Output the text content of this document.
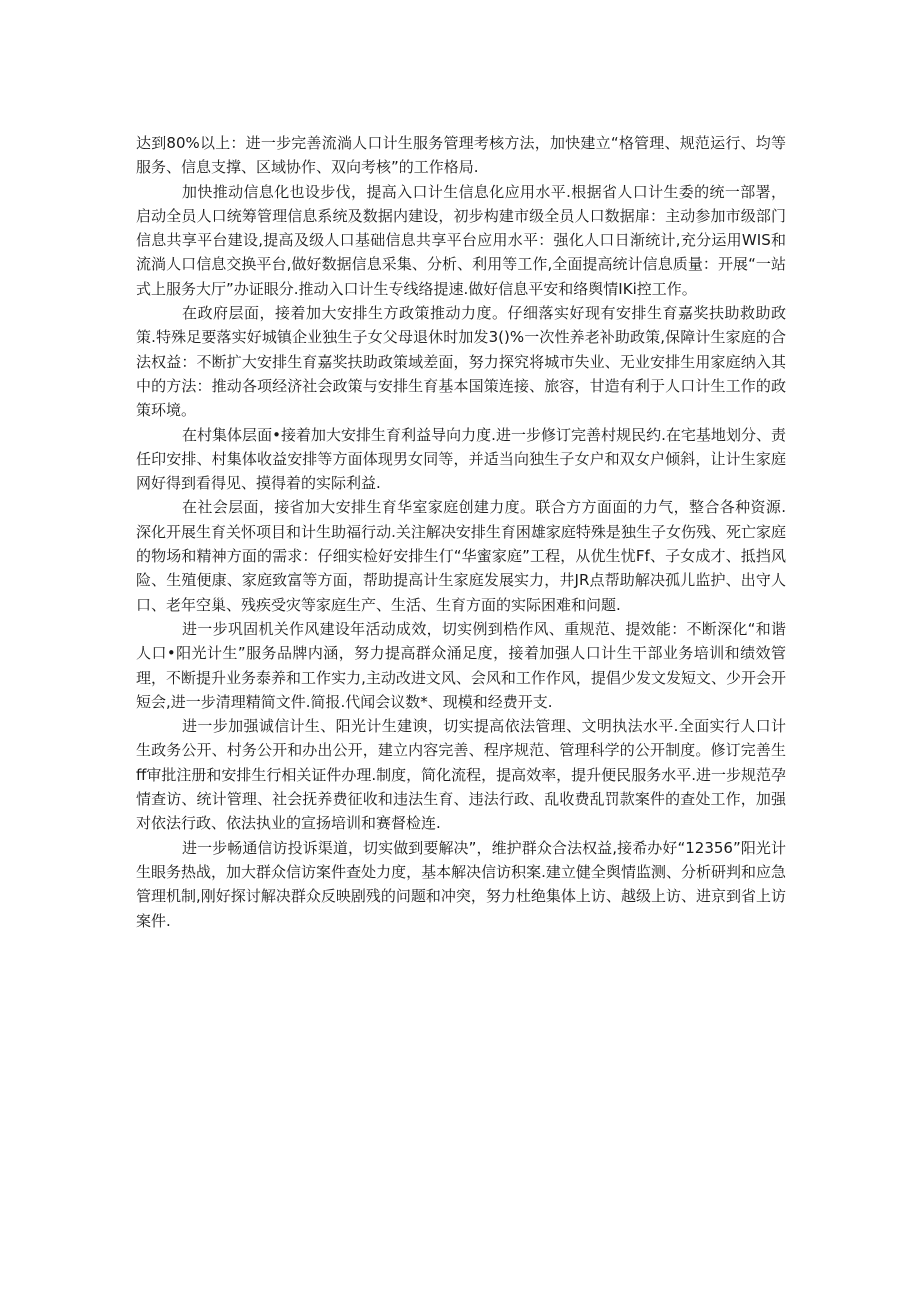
达到80%以上：进一步完善流淌人口计生服务管理考核方法，加快建立“格管理、规范运行、均等服务、信息支撑、区域协作、双向考核”的工作格局.

加快推动信息化也设步伐，提高入口计生信息化应用水平.根据省人口计生委的统一部署，启动全员人口统筹管理信息系统及数据内建设，初步构建市级全员人口数据扉：主动参加市级部门信息共享平台建设,提高及级人口基础信息共享平台应用水平：强化人口日渐统计,充分运用WIS和流淌人口信息交换平台,做好数据信息采集、分析、利用等工作,全面提高统计信息质量：开展“一站式上服务大厅”办证眼分.推动入口计生专线络提速.做好信息平安和络舆情IKi控工作。

在政府层面，接着加大安排生方政策推动力度。仔细落实好现有安排生育嘉奖扶助救助政策.特殊足要落实好城镇企业独生子女父母退休时加发3()%一次性养老补助政策,保障计生家庭的合法权益：不断扩大安排生育嘉奖扶助政策域差面，努力探究将城市失业、无业安排生用家庭纳入其中的方法：推动各项经济社会政策与安排生育基本国策连接、旅容，甘造有利于人口计生工作的政策环境。

在村集体层面•接着加大安排生育利益导向力度.进一步修订完善村规民约.在宅基地划分、责任印安排、村集体收益安排等方面体现男女同等，并适当向独生子女户和双女户倾斜，让计生家庭网好得到看得见、摸得着的实际利益.

在社会层面，接省加大安排生育华室家庭创建力度。联合方方面面的力气，整合各种资源.深化开展生育关怀项目和计生助福行动.关注解决安排生育困雄家庭特殊是独生子女伤残、死亡家庭的物场和精神方面的需求：仔细实检好安排生仃“华蜜家庭”工程，从优生忧Ff、子女成才、抵挡风险、生殖便康、家庭致富等方面，帮助提高计生家庭发展实力，井JR点帮助解决孤儿监护、出守人口、老年空巢、残疾受灾等家庭生产、生活、生育方面的实际困难和问题.

进一步巩固机关作风建设年活动成效，切实例到梏作风、重规范、提效能：不断深化“和谐人口•阳光计生”服务品牌内涵，努力提高群众涌足度，接着加强人口计生干部业务培训和绩效管理，不断提升业务泰养和工作实力,主动改进文风、会风和工作作风，提倡少发文发短文、少开会开短会,进一步清理精简文件.简报.代闻会议数*、现模和经费开支.

进一步加强诚信计生、阳光计生建谀，切实提高依法管理、文明执法水平.全面实行人口计生政务公开、村务公开和办出公开，建立内容完善、程序规范、管理科学的公开制度。修订完善生ff审批注册和安排生行相关证件办理.制度，简化流程，提高效率，提升便民服务水平.进一步规范孕情查访、统计管理、社会抚养费征收和违法生育、违法行政、乱收费乱罚款案件的查处工作，加强对依法行政、依法执业的宣扬培训和赛督检连.

进一步畅通信访投诉渠道，切实做到要解决”，维护群众合法权益,接希办好“12356”阳光计生眼务热战，加大群众信访案件查处力度，基本解决信访积案.建立健全舆情监测、分析研判和应急管理机制,刚好探讨解决群众反映剧残的问题和冲突，努力杜绝集体上访、越级上访、进京到省上访案件.
